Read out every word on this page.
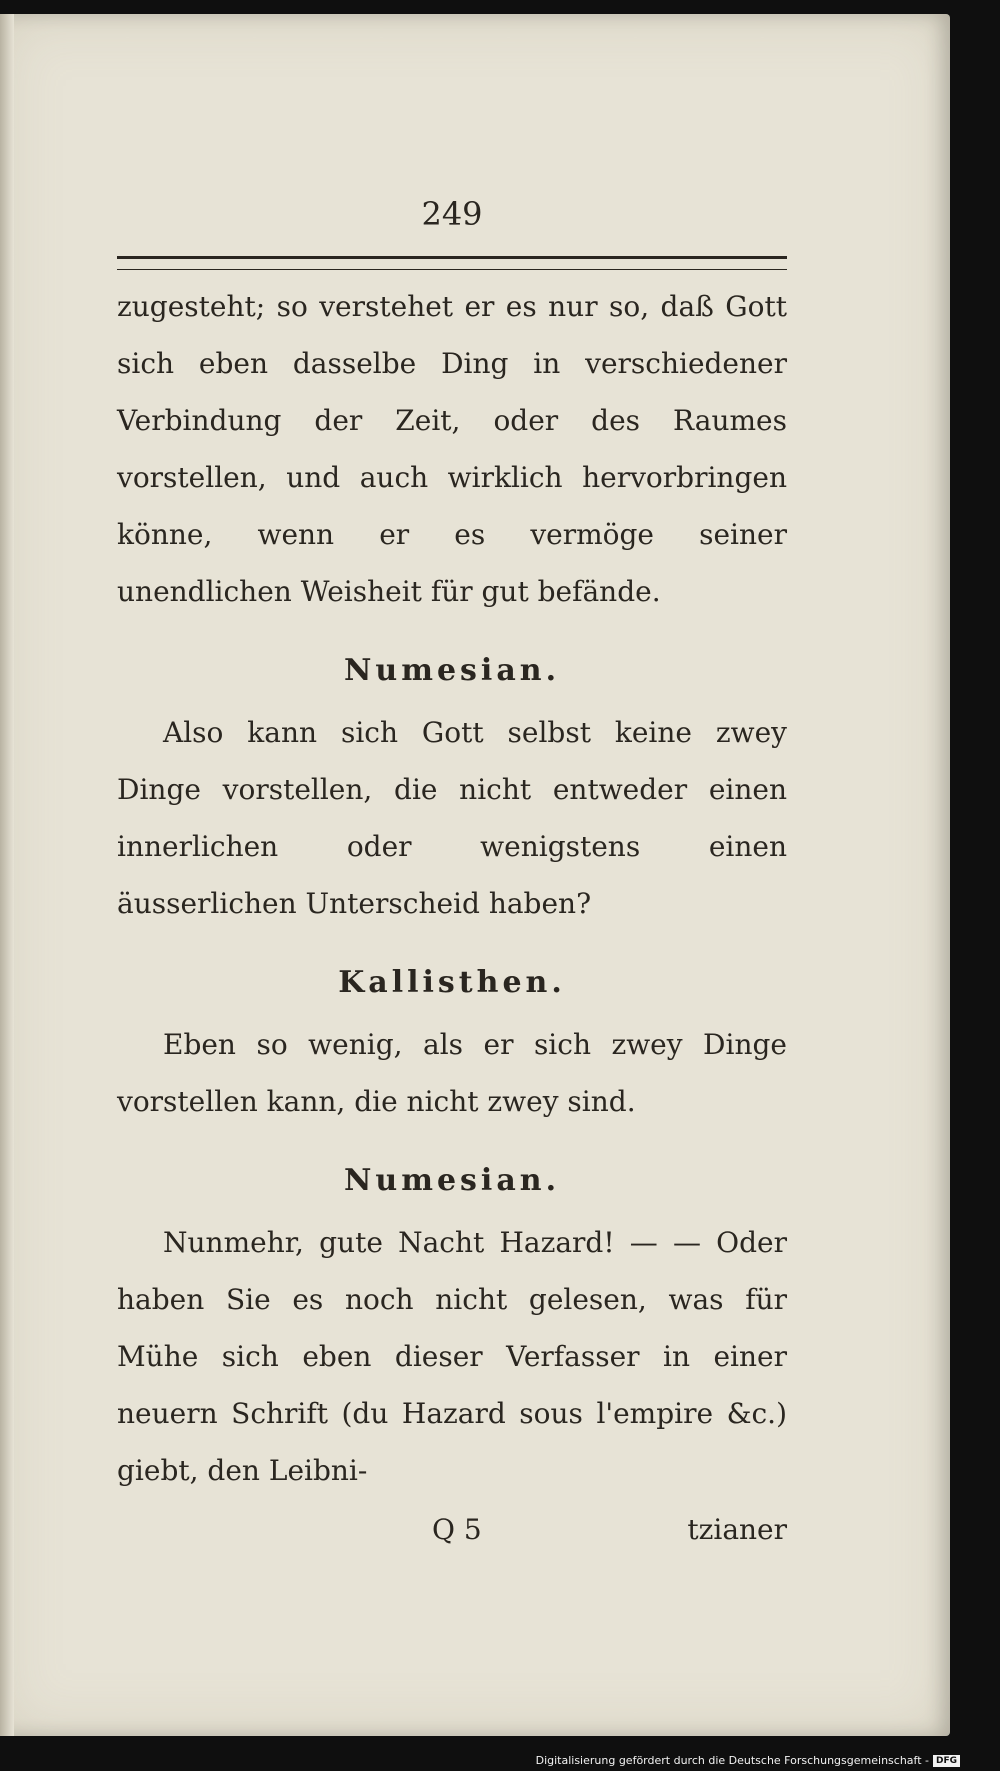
249

zugesteht; so verstehet er es nur so, daß Gott sich eben dasselbe Ding in verschiedener Verbindung der Zeit, oder des Raumes vorstellen, und auch wirklich hervorbringen könne, wenn er es vermöge seiner unendlichen Weisheit für gut befände.

Numesian.

Also kann sich Gott selbst keine zwey Dinge vorstellen, die nicht entweder einen innerlichen oder wenigstens einen äusserlichen Unterscheid haben?

Kallisthen.

Eben so wenig, als er sich zwey Dinge vorstellen kann, die nicht zwey sind.

Numesian.

Nunmehr, gute Nacht Hazard! — — Oder haben Sie es noch nicht gelesen, was für Mühe sich eben dieser Verfasser in einer neuern Schrift (du Hazard sous l'empire &c.) giebt, den Leibni-

Q 5	tzianer
Digitalisierung gefördert durch die Deutsche Forschungsgemeinschaft - DFG
